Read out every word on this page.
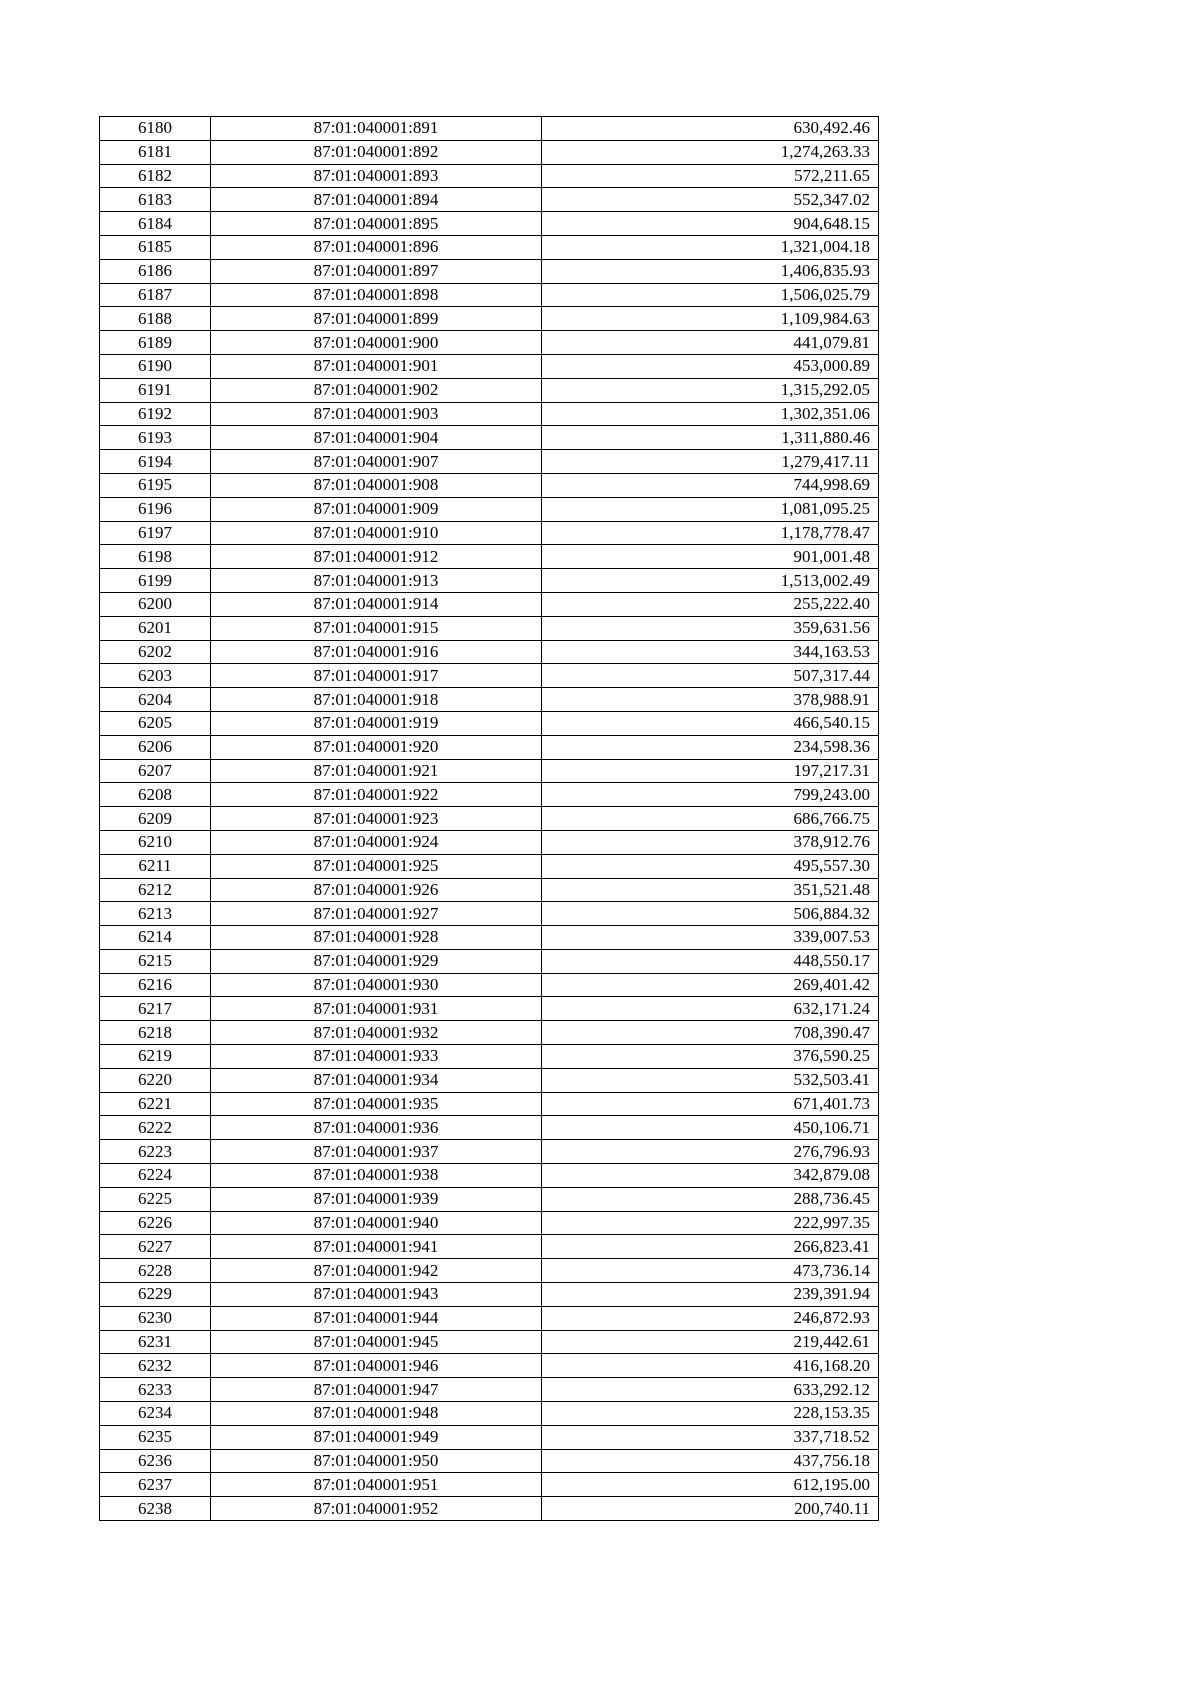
6180	87:01:040001:891	630,492.46
6181	87:01:040001:892	1,274,263.33
6182	87:01:040001:893	572,211.65
6183	87:01:040001:894	552,347.02
6184	87:01:040001:895	904,648.15
6185	87:01:040001:896	1,321,004.18
6186	87:01:040001:897	1,406,835.93
6187	87:01:040001:898	1,506,025.79
6188	87:01:040001:899	1,109,984.63
6189	87:01:040001:900	441,079.81
6190	87:01:040001:901	453,000.89
6191	87:01:040001:902	1,315,292.05
6192	87:01:040001:903	1,302,351.06
6193	87:01:040001:904	1,311,880.46
6194	87:01:040001:907	1,279,417.11
6195	87:01:040001:908	744,998.69
6196	87:01:040001:909	1,081,095.25
6197	87:01:040001:910	1,178,778.47
6198	87:01:040001:912	901,001.48
6199	87:01:040001:913	1,513,002.49
6200	87:01:040001:914	255,222.40
6201	87:01:040001:915	359,631.56
6202	87:01:040001:916	344,163.53
6203	87:01:040001:917	507,317.44
6204	87:01:040001:918	378,988.91
6205	87:01:040001:919	466,540.15
6206	87:01:040001:920	234,598.36
6207	87:01:040001:921	197,217.31
6208	87:01:040001:922	799,243.00
6209	87:01:040001:923	686,766.75
6210	87:01:040001:924	378,912.76
6211	87:01:040001:925	495,557.30
6212	87:01:040001:926	351,521.48
6213	87:01:040001:927	506,884.32
6214	87:01:040001:928	339,007.53
6215	87:01:040001:929	448,550.17
6216	87:01:040001:930	269,401.42
6217	87:01:040001:931	632,171.24
6218	87:01:040001:932	708,390.47
6219	87:01:040001:933	376,590.25
6220	87:01:040001:934	532,503.41
6221	87:01:040001:935	671,401.73
6222	87:01:040001:936	450,106.71
6223	87:01:040001:937	276,796.93
6224	87:01:040001:938	342,879.08
6225	87:01:040001:939	288,736.45
6226	87:01:040001:940	222,997.35
6227	87:01:040001:941	266,823.41
6228	87:01:040001:942	473,736.14
6229	87:01:040001:943	239,391.94
6230	87:01:040001:944	246,872.93
6231	87:01:040001:945	219,442.61
6232	87:01:040001:946	416,168.20
6233	87:01:040001:947	633,292.12
6234	87:01:040001:948	228,153.35
6235	87:01:040001:949	337,718.52
6236	87:01:040001:950	437,756.18
6237	87:01:040001:951	612,195.00
6238	87:01:040001:952	200,740.11
